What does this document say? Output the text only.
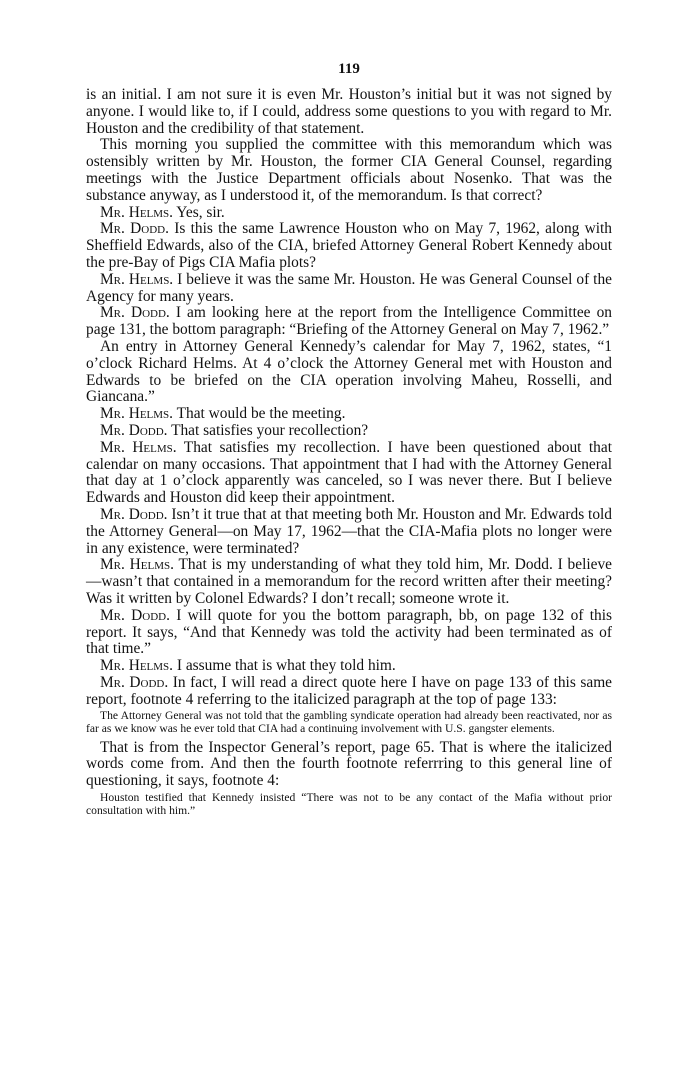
119

is an initial. I am not sure it is even Mr. Houston’s initial but it was not signed by anyone. I would like to, if I could, address some questions to you with regard to Mr. Houston and the credibility of that statement.

This morning you supplied the committee with this memorandum which was ostensibly written by Mr. Houston, the former CIA General Counsel, regarding meetings with the Justice Department officials about Nosenko. That was the substance anyway, as I understood it, of the memorandum. Is that correct?

Mr. Helms. Yes, sir.

Mr. Dodd. Is this the same Lawrence Houston who on May 7, 1962, along with Sheffield Edwards, also of the CIA, briefed Attorney General Robert Kennedy about the pre-Bay of Pigs CIA Mafia plots?

Mr. Helms. I believe it was the same Mr. Houston. He was General Counsel of the Agency for many years.

Mr. Dodd. I am looking here at the report from the Intelligence Committee on page 131, the bottom paragraph: “Briefing of the Attorney General on May 7, 1962.”

An entry in Attorney General Kennedy’s calendar for May 7, 1962, states, “1 o’clock Richard Helms. At 4 o’clock the Attorney General met with Houston and Edwards to be briefed on the CIA operation involving Maheu, Rosselli, and Giancana.”

Mr. Helms. That would be the meeting.

Mr. Dodd. That satisfies your recollection?

Mr. Helms. That satisfies my recollection. I have been questioned about that calendar on many occasions. That appointment that I had with the Attorney General that day at 1 o’clock apparently was canceled, so I was never there. But I believe Edwards and Houston did keep their appointment.

Mr. Dodd. Isn’t it true that at that meeting both Mr. Houston and Mr. Edwards told the Attorney General—on May 17, 1962—that the CIA-Mafia plots no longer were in any existence, were terminated?

Mr. Helms. That is my understanding of what they told him, Mr. Dodd. I believe—wasn’t that contained in a memorandum for the record written after their meeting? Was it written by Colonel Edwards? I don’t recall; someone wrote it.

Mr. Dodd. I will quote for you the bottom paragraph, bb, on page 132 of this report. It says, “And that Kennedy was told the activity had been terminated as of that time.”

Mr. Helms. I assume that is what they told him.

Mr. Dodd. In fact, I will read a direct quote here I have on page 133 of this same report, footnote 4 referring to the italicized paragraph at the top of page 133:

The Attorney General was not told that the gambling syndicate operation had already been reactivated, nor as far as we know was he ever told that CIA had a continuing involvement with U.S. gangster elements.

That is from the Inspector General’s report, page 65. That is where the italicized words come from. And then the fourth footnote referrring to this general line of questioning, it says, footnote 4:

Houston testified that Kennedy insisted “There was not to be any contact of the Mafia without prior consultation with him.”
